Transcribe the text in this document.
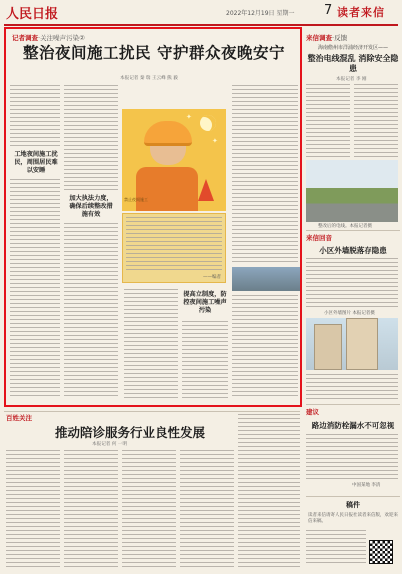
人民日报	2022年12月19日 星期一 7 读者来信
记者调查·关注噪声污染②
整治夜间施工扰民 守护群众夜晚安宁
本报记者 秦 瑞 王云峰 熊 毅
工地夜间施工扰民，周围居民难以安睡
加大执法力度，确保后续整改措施有效
提高立制度，防控夜间施工噪声污染
✦
✦
禁止夜间施工
——编者
来信调查·反馈
海南儋州市洋浦经济开发区——
整治电线混乱 消除安全隐患
本报记者 李 刚
整改后的电线。本报记者摄
来信回音
小区外墙脱落存隐患
小区外墙图片 本报记者摄
百姓关注
推动陪诊服务行业良性发展
本报记者 何 一明
建议
路边消防栓漏水不可忽视
中国某地 李清
稿件
读者来信请寄人民日报社读者来信版，欢迎来信来稿。
